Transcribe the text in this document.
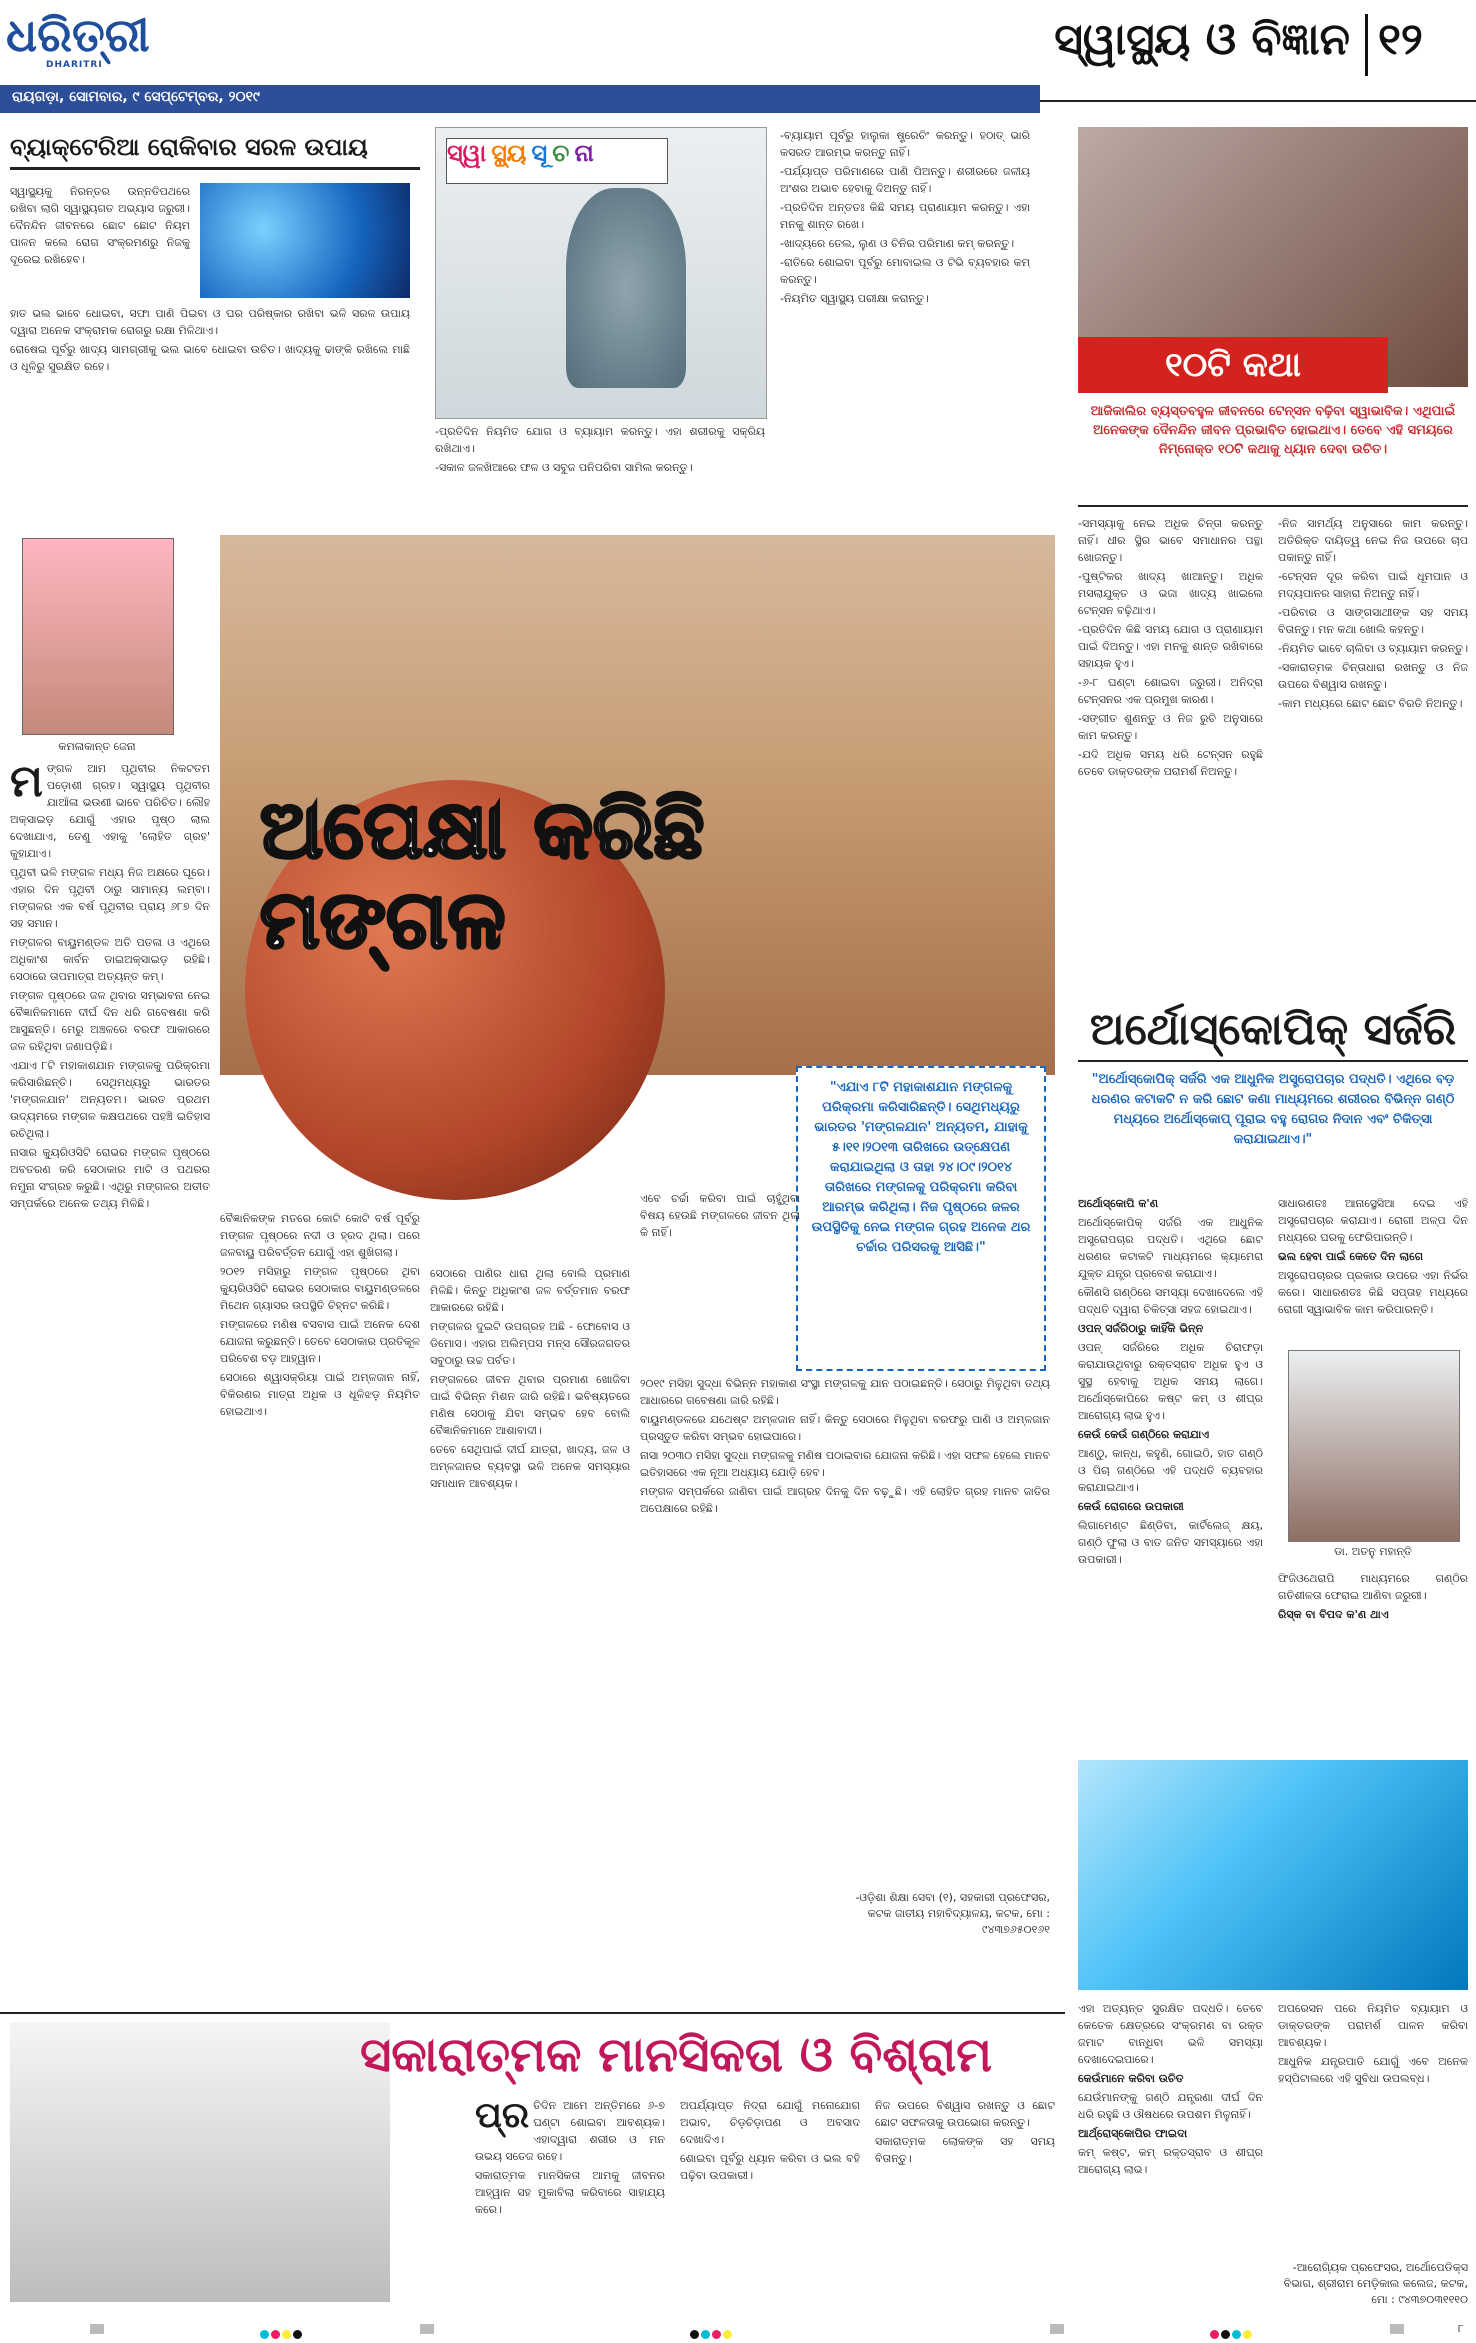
ଧରିତ୍ରୀ
DHARITRI
ରାୟଗଡ଼ା, ସୋମବାର, ୯ ସେପ୍ଟେମ୍ବର, ୨୦୧୯
ସ୍ୱାସ୍ଥ୍ୟ ଓ ବିଜ୍ଞାନ ୧୨
ବ୍ୟାକ୍ଟେରିଆ ରୋକିବାର ସରଳ ଉପାୟ

ସ୍ୱାସ୍ଥ୍ୟକୁ ନିରନ୍ତର ଉନ୍ନତିପଥରେ ରଖିବା ଲାଗି ସ୍ୱାସ୍ଥ୍ୟଗତ ଅଭ୍ୟାସ ଜରୁରୀ। ଦୈନନ୍ଦିନ ଜୀବନରେ ଛୋଟ ଛୋଟ ନିୟମ ପାଳନ କଲେ ରୋଗ ସଂକ୍ରମଣରୁ ନିଜକୁ ଦୂରେଇ ରଖିହେବ।

ହାତ ଭଲ ଭାବେ ଧୋଇବା, ସଫା ପାଣି ପିଇବା ଓ ଘର ପରିଷ୍କାର ରଖିବା ଭଳି ସରଳ ଉପାୟ ଦ୍ୱାରା ଅନେକ ସଂକ୍ରାମକ ରୋଗରୁ ରକ୍ଷା ମିଳିଥାଏ।

ରୋଷେଇ ପୂର୍ବରୁ ଖାଦ୍ୟ ସାମଗ୍ରୀକୁ ଭଲ ଭାବେ ଧୋଇବା ଉଚିତ। ଖାଦ୍ୟକୁ ଢାଙ୍କି ରଖିଲେ ମାଛି ଓ ଧୂଳିରୁ ସୁରକ୍ଷିତ ରହେ।

ସ୍ୱା ସ୍ଥ୍ୟ ସୂ ଚ ନା

-ପ୍ରତିଦିନ ନିୟମିତ ଯୋଗ ଓ ବ୍ୟାୟାମ କରନ୍ତୁ। ଏହା ଶରୀରକୁ ସକ୍ରିୟ ରଖିଥାଏ।

-ସକାଳ ଜଳଖିଆରେ ଫଳ ଓ ସବୁଜ ପନିପରିବା ସାମିଲ କରନ୍ତୁ।

-ବ୍ୟାୟାମ ପୂର୍ବରୁ ହାଲୁକା ଷ୍ଟ୍ରେଚିଂ କରନ୍ତୁ। ହଠାତ୍ ଭାରି କସରତ ଆରମ୍ଭ କରନ୍ତୁ ନାହିଁ।

-ପର୍ଯ୍ୟାପ୍ତ ପରିମାଣରେ ପାଣି ପିଅନ୍ତୁ। ଶରୀରରେ ଜଳୀୟ ଅଂଶର ଅଭାବ ହେବାକୁ ଦିଅନ୍ତୁ ନାହିଁ।

-ପ୍ରତିଦିନ ଅନ୍ତତଃ କିଛି ସମୟ ପ୍ରାଣାୟାମ କରନ୍ତୁ। ଏହା ମନକୁ ଶାନ୍ତ ରଖେ।

-ଖାଦ୍ୟରେ ତେଲ, ଲୁଣ ଓ ଚିନିର ପରିମାଣ କମ୍ କରନ୍ତୁ।

-ରାତିରେ ଶୋଇବା ପୂର୍ବରୁ ମୋବାଇଲ ଓ ଟିଭି ବ୍ୟବହାର କମ୍ କରନ୍ତୁ।

-ନିୟମିତ ସ୍ୱାସ୍ଥ୍ୟ ପରୀକ୍ଷା କରାନ୍ତୁ।

୧୦ଟି କଥା
ଆଜିକାଲିର ବ୍ୟସ୍ତବହୁଳ ଜୀବନରେ ଟେନ୍‌ସନ ବଢ଼ିବା ସ୍ୱାଭାବିକ। ଏଥିପାଇଁ ଅନେକଙ୍କ ଦୈନନ୍ଦିନ ଜୀବନ ପ୍ରଭାବିତ ହୋଇଥାଏ। ତେବେ ଏହି ସମୟରେ ନିମ୍ନୋକ୍ତ ୧୦ଟି କଥାକୁ ଧ୍ୟାନ ଦେବା ଉଚିତ।

-ସମସ୍ୟାକୁ ନେଇ ଅଧିକ ଚିନ୍ତା କରନ୍ତୁ ନାହିଁ। ଧୀର ସ୍ଥିର ଭାବେ ସମାଧାନର ପନ୍ଥା ଖୋଜନ୍ତୁ।

-ପୁଷ୍ଟିକର ଖାଦ୍ୟ ଖାଆନ୍ତୁ। ଅଧିକ ମସଲାଯୁକ୍ତ ଓ ଭଜା ଖାଦ୍ୟ ଖାଇଲେ ଟେନ୍‌ସନ ବଢ଼ିଥାଏ।

-ପ୍ରତିଦିନ କିଛି ସମୟ ଯୋଗ ଓ ପ୍ରାଣାୟାମ ପାଇଁ ଦିଅନ୍ତୁ। ଏହା ମନକୁ ଶାନ୍ତ ରଖିବାରେ ସହାୟକ ହୁଏ।

-୬-୮ ଘଣ୍ଟା ଶୋଇବା ଜରୁରୀ। ଅନିଦ୍ରା ଟେନ୍‌ସନର ଏକ ପ୍ରମୁଖ କାରଣ।

-ସଙ୍ଗୀତ ଶୁଣନ୍ତୁ ଓ ନିଜ ରୁଚି ଅନୁସାରେ କାମ କରନ୍ତୁ।

-ଯଦି ଅଧିକ ସମୟ ଧରି ଟେନ୍‌ସନ ରହୁଛି ତେବେ ଡାକ୍ତରଙ୍କ ପରାମର୍ଶ ନିଅନ୍ତୁ।

-ନିଜ ସାମର୍ଥ୍ୟ ଅନୁସାରେ କାମ କରନ୍ତୁ। ଅତିରିକ୍ତ ଦାୟିତ୍ୱ ନେଇ ନିଜ ଉପରେ ଚାପ ପକାନ୍ତୁ ନାହିଁ।

-ଟେନ୍‌ସନ ଦୂର କରିବା ପାଇଁ ଧୂମପାନ ଓ ମଦ୍ୟପାନର ସାହାରା ନିଅନ୍ତୁ ନାହିଁ।

-ପରିବାର ଓ ସାଙ୍ଗସାଥୀଙ୍କ ସହ ସମୟ ବିତାନ୍ତୁ। ମନ କଥା ଖୋଲି କହନ୍ତୁ।

-ନିୟମିତ ଭାବେ ଚାଲିବା ଓ ବ୍ୟାୟାମ କରନ୍ତୁ।

-ସକାରାତ୍ମକ ଚିନ୍ତାଧାରା ରଖନ୍ତୁ ଓ ନିଜ ଉପରେ ବିଶ୍ୱାସ ରଖନ୍ତୁ।

-କାମ ମଧ୍ୟରେ ଛୋଟ ଛୋଟ ବିରତି ନିଅନ୍ତୁ।

କମଳାକାନ୍ତ ଜେନା
ଅପେକ୍ଷା କରିଛି ମଙ୍ଗଳ
"ଏଯାଏ ୮ଟି ମହାକାଶଯାନ ମଙ୍ଗଳକୁ ପରିକ୍ରମା କରିସାରିଛନ୍ତି। ସେଥିମଧ୍ୟରୁ ଭାରତର 'ମଙ୍ଗଳଯାନ' ଅନ୍ୟତମ, ଯାହାକୁ ୫।୧୧।୨୦୧୩ ତାରିଖରେ ଉତ୍କ୍ଷେପଣ କରାଯାଇଥିଲା ଓ ତାହା ୨୪।୦୯।୨୦୧୪ ତାରିଖରେ ମଙ୍ଗଳକୁ ପରିକ୍ରମା କରିବା ଆରମ୍ଭ କରିଥିଲା। ନିଜ ପୃଷ୍ଠରେ ଜଳର ଉପସ୍ଥିତିକୁ ନେଇ ମଙ୍ଗଳ ଗ୍ରହ ଅନେକ ଥର ଚର୍ଚ୍ଚାର ପରିସରକୁ ଆସିଛି।"

ମଙ୍ଗଳ ଆମ ପୃଥିବୀର ନିକଟତମ ପଡ଼ୋଶୀ ଗ୍ରହ। ସ୍ୱାସ୍ଥ୍ୟ ପୃଥିବୀର ଯାଆଁଳା ଭଉଣୀ ଭାବେ ପରିଚିତ। ଲୌହ ଅକ୍ସାଇଡ଼ ଯୋଗୁଁ ଏହାର ପୃଷ୍ଠ ଲାଲ ଦେଖାଯାଏ, ତେଣୁ ଏହାକୁ 'ଲୋହିତ ଗ୍ରହ' କୁହାଯାଏ।

ପୃଥିବୀ ଭଳି ମଙ୍ଗଳ ମଧ୍ୟ ନିଜ ଅକ୍ଷରେ ଘୂରେ। ଏହାର ଦିନ ପୃଥିବୀ ଠାରୁ ସାମାନ୍ୟ ଲମ୍ବା। ମଙ୍ଗଳର ଏକ ବର୍ଷ ପୃଥିବୀର ପ୍ରାୟ ୬୮୭ ଦିନ ସହ ସମାନ।

ମଙ୍ଗଳର ବାୟୁମଣ୍ଡଳ ଅତି ପତଳା ଓ ଏଥିରେ ଅଧିକାଂଶ କାର୍ବନ ଡାଇଅକ୍ସାଇଡ଼ ରହିଛି। ସେଠାରେ ତାପମାତ୍ରା ଅତ୍ୟନ୍ତ କମ୍।

ମଙ୍ଗଳ ପୃଷ୍ଠରେ ଜଳ ଥିବାର ସମ୍ଭାବନା ନେଇ ବୈଜ୍ଞାନିକମାନେ ଦୀର୍ଘ ଦିନ ଧରି ଗବେଷଣା କରି ଆସୁଛନ୍ତି। ମେରୁ ଅଞ୍ଚଳରେ ବରଫ ଆକାରରେ ଜଳ ରହିଥିବା ଜଣାପଡ଼ିଛି।

ଏଯାଏ ୮ଟି ମହାକାଶଯାନ ମଙ୍ଗଳକୁ ପରିକ୍ରମା କରିସାରିଛନ୍ତି। ସେଥିମଧ୍ୟରୁ ଭାରତର 'ମଙ୍ଗଳଯାନ' ଅନ୍ୟତମ। ଭାରତ ପ୍ରଥମ ଉଦ୍ୟମରେ ମଙ୍ଗଳ କକ୍ଷପଥରେ ପହଞ୍ଚି ଇତିହାସ ରଚିଥିଲା।

ନାସାର କ୍ୟୁରିଓସିଟି ରୋଭର ମଙ୍ଗଳ ପୃଷ୍ଠରେ ଅବତରଣ କରି ସେଠାକାର ମାଟି ଓ ପଥରର ନମୁନା ସଂଗ୍ରହ କରୁଛି। ଏଥିରୁ ମଙ୍ଗଳର ଅତୀତ ସମ୍ପର୍କରେ ଅନେକ ତଥ୍ୟ ମିଳିଛି।

ବୈଜ୍ଞାନିକଙ୍କ ମତରେ କୋଟି କୋଟି ବର୍ଷ ପୂର୍ବରୁ ମଙ୍ଗଳ ପୃଷ୍ଠରେ ନଦୀ ଓ ହ୍ରଦ ଥିଲା। ପରେ ଜଳବାୟୁ ପରିବର୍ତ୍ତନ ଯୋଗୁଁ ଏହା ଶୁଖିଗଲା।

୨୦୧୨ ମସିହାରୁ ମଙ୍ଗଳ ପୃଷ୍ଠରେ ଥିବା କ୍ୟୁରିଓସିଟି ରୋଭର ସେଠାକାର ବାୟୁମଣ୍ଡଳରେ ମିଥେନ ଗ୍ୟାସର ଉପସ୍ଥିତି ଚିହ୍ନଟ କରିଛି।

ମଙ୍ଗଳରେ ମଣିଷ ବସବାସ ପାଇଁ ଅନେକ ଦେଶ ଯୋଜନା କରୁଛନ୍ତି। ତେବେ ସେଠାକାର ପ୍ରତିକୂଳ ପରିବେଶ ବଡ଼ ଆହ୍ୱାନ।

ସେଠାରେ ଶ୍ୱାସକ୍ରିୟା ପାଇଁ ଅମ୍ଳଜାନ ନାହିଁ, ବିକିରଣର ମାତ୍ରା ଅଧିକ ଓ ଧୂଳିଝଡ଼ ନିୟମିତ ହୋଇଥାଏ।

ସେଠାରେ ପାଣିର ଧାରା ଥିଲା ବୋଲି ପ୍ରମାଣ ମିଳିଛି। କିନ୍ତୁ ଅଧିକାଂଶ ଜଳ ବର୍ତ୍ତମାନ ବରଫ ଆକାରରେ ରହିଛି।

ମଙ୍ଗଳର ଦୁଇଟି ଉପଗ୍ରହ ଅଛି - ଫୋବୋସ ଓ ଡିମୋସ। ଏହାର ଅଲିମ୍ପସ ମନ୍ସ ସୌରଜଗତର ସବୁଠାରୁ ଉଚ୍ଚ ପର୍ବତ।

ମଙ୍ଗଳରେ ଜୀବନ ଥିବାର ପ୍ରମାଣ ଖୋଜିବା ପାଇଁ ବିଭିନ୍ନ ମିଶନ ଜାରି ରହିଛି। ଭବିଷ୍ୟତରେ ମଣିଷ ସେଠାକୁ ଯିବା ସମ୍ଭବ ହେବ ବୋଲି ବୈଜ୍ଞାନିକମାନେ ଆଶାବାଦୀ।

ତେବେ ସେଥିପାଇଁ ଦୀର୍ଘ ଯାତ୍ରା, ଖାଦ୍ୟ, ଜଳ ଓ ଅମ୍ଳଜାନର ବ୍ୟବସ୍ଥା ଭଳି ଅନେକ ସମସ୍ୟାର ସମାଧାନ ଆବଶ୍ୟକ।

ଏବେ ଚର୍ଚ୍ଚା କରିବା ପାଇଁ ଚାହୁଁଥିବା ବିଷୟ ହେଉଛି ମଙ୍ଗଳରେ ଜୀବନ ଥିଲା କି ନାହିଁ।

୨୦୧୯ ମସିହା ସୁଦ୍ଧା ବିଭିନ୍ନ ମହାକାଶ ସଂସ୍ଥା ମଙ୍ଗଳକୁ ଯାନ ପଠାଇଛନ୍ତି। ସେଠାରୁ ମିଳୁଥିବା ତଥ୍ୟ ଆଧାରରେ ଗବେଷଣା ଜାରି ରହିଛି।

ବାୟୁମଣ୍ଡଳରେ ଯଥେଷ୍ଟ ଅମ୍ଳଜାନ ନାହିଁ। କିନ୍ତୁ ସେଠାରେ ମିଳୁଥିବା ବରଫରୁ ପାଣି ଓ ଅମ୍ଳଜାନ ପ୍ରସ୍ତୁତ କରିବା ସମ୍ଭବ ହୋଇପାରେ।

ନାସା ୨୦୩୦ ମସିହା ସୁଦ୍ଧା ମଙ୍ଗଳକୁ ମଣିଷ ପଠାଇବାର ଯୋଜନା କରିଛି। ଏହା ସଫଳ ହେଲେ ମାନବ ଇତିହାସରେ ଏକ ନୂଆ ଅଧ୍ୟାୟ ଯୋଡ଼ି ହେବ।

ମଙ୍ଗଳ ସମ୍ପର୍କରେ ଜାଣିବା ପାଇଁ ଆଗ୍ରହ ଦିନକୁ ଦିନ ବଢ଼ୁଛି। ଏହି ଲୋହିତ ଗ୍ରହ ମାନବ ଜାତିର ଅପେକ୍ଷାରେ ରହିଛି।

-ଓଡ଼ିଶା ଶିକ୍ଷା ସେବା (୧), ସହକାରୀ ପ୍ରଫେସର, କଟକ ଜାତୀୟ ମହାବିଦ୍ୟାଳୟ, କଟକ, ମୋ : ୯୪୩୭୬୫୦୧୬୧
ଅର୍ଥୋସ୍କୋପିକ୍ ସର୍ଜରି
"ଅର୍ଥୋସ୍କୋପିକ୍ ସର୍ଜରି ଏକ ଆଧୁନିକ ଅସ୍ତ୍ରୋପଚାର ପଦ୍ଧତି। ଏଥିରେ ବଡ଼ ଧରଣର କଟାକଟି ନ କରି ଛୋଟ କଣା ମାଧ୍ୟମରେ ଶରୀରର ବିଭିନ୍ନ ଗଣ୍ଠି ମଧ୍ୟରେ ଅର୍ଥୋସ୍କୋପ୍ ପୂରାଇ ବହୁ ରୋଗର ନିଦାନ ଏବଂ ଚିକିତ୍ସା କରାଯାଇଥାଏ।"

ଅର୍ଥୋସ୍କୋପି କ'ଣ

ଅର୍ଥୋସ୍କୋପିକ୍ ସର୍ଜରି ଏକ ଆଧୁନିକ ଅସ୍ତ୍ରୋପଚାର ପଦ୍ଧତି। ଏଥିରେ ଛୋଟ ଧରଣର କଟାକଟି ମାଧ୍ୟମରେ କ୍ୟାମେରା ଯୁକ୍ତ ଯନ୍ତ୍ର ପ୍ରବେଶ କରାଯାଏ।

କୌଣସି ଗଣ୍ଠିରେ ସମସ୍ୟା ଦେଖାଦେଲେ ଏହି ପଦ୍ଧତି ଦ୍ୱାରା ଚିକିତ୍ସା ସହଜ ହୋଇଥାଏ।

ଓପନ୍ ସର୍ଜରିଠାରୁ କାହିଁକି ଭିନ୍ନ

ଓପନ୍ ସର୍ଜରିରେ ଅଧିକ ଚିରାଫଡ଼ା କରାଯାଉଥିବାରୁ ରକ୍ତସ୍ରାବ ଅଧିକ ହୁଏ ଓ ସୁସ୍ଥ ହେବାକୁ ଅଧିକ ସମୟ ଲାଗେ। ଅର୍ଥୋସ୍କୋପିରେ କଷ୍ଟ କମ୍ ଓ ଶୀଘ୍ର ଆରୋଗ୍ୟ ଲାଭ ହୁଏ।

କେଉଁ କେଉଁ ଗଣ୍ଠିରେ କରାଯାଏ

ଆଣ୍ଠୁ, କାନ୍ଧ, କହୁଣି, ଗୋଇଠି, ହାତ ଗଣ୍ଠି ଓ ପିଚା ଗଣ୍ଠିରେ ଏହି ପଦ୍ଧତି ବ୍ୟବହାର କରାଯାଇଥାଏ।

କେଉଁ ରୋଗରେ ଉପକାରୀ

ଲିଗାମେଣ୍ଟ ଛିଣ୍ଡିବା, କାର୍ଟିଲେଜ୍ କ୍ଷୟ, ଗଣ୍ଠି ଫୁଲା ଓ ବାତ ଜନିତ ସମସ୍ୟାରେ ଏହା ଉପକାରୀ।

ସାଧାରଣତଃ ଆନାସ୍ଥେସିଆ ଦେଇ ଏହି ଅସ୍ତ୍ରୋପଚାର କରାଯାଏ। ରୋଗୀ ଅଳ୍ପ ଦିନ ମଧ୍ୟରେ ଘରକୁ ଫେରିପାରନ୍ତି।

ଭଲ ହେବା ପାଇଁ କେତେ ଦିନ ଲାଗେ

ଅସ୍ତ୍ରୋପଚାରର ପ୍ରକାର ଉପରେ ଏହା ନିର୍ଭର କରେ। ସାଧାରଣତଃ କିଛି ସପ୍ତାହ ମଧ୍ୟରେ ରୋଗୀ ସ୍ୱାଭାବିକ କାମ କରିପାରନ୍ତି।

ଡା. ଅତନୁ ମହାନ୍ତି

ଫିଜିଓଥେରାପି ମାଧ୍ୟମରେ ଗଣ୍ଠିର ଗତିଶୀଳତା ଫେରାଇ ଆଣିବା ଜରୁରୀ।

ରିସ୍କ ବା ବିପଦ କ'ଣ ଥାଏ

ଏହା ଅତ୍ୟନ୍ତ ସୁରକ୍ଷିତ ପଦ୍ଧତି। ତେବେ କେତେକ କ୍ଷେତ୍ରରେ ସଂକ୍ରମଣ ବା ରକ୍ତ ଜମାଟ ବାନ୍ଧିବା ଭଳି ସମସ୍ୟା ଦେଖାଦେଇପାରେ।

କେଉଁମାନେ କରିବା ଉଚିତ

ଯେଉଁମାନଙ୍କୁ ଗଣ୍ଠି ଯନ୍ତ୍ରଣା ଦୀର୍ଘ ଦିନ ଧରି ରହୁଛି ଓ ଔଷଧରେ ଉପଶମ ମିଳୁନାହିଁ।

ଆର୍ଥ୍ରୋସ୍କୋପିର ଫାଇଦା

କମ୍ କଷ୍ଟ, କମ୍ ରକ୍ତସ୍ରାବ ଓ ଶୀଘ୍ର ଆରୋଗ୍ୟ ଲାଭ।

ଅପରେସନ ପରେ ନିୟମିତ ବ୍ୟାୟାମ ଓ ଡାକ୍ତରଙ୍କ ପରାମର୍ଶ ପାଳନ କରିବା ଆବଶ୍ୟକ।

ଆଧୁନିକ ଯନ୍ତ୍ରପାତି ଯୋଗୁଁ ଏବେ ଅନେକ ହସ୍ପିଟାଲରେ ଏହି ସୁବିଧା ଉପଲବ୍ଧ।

-ଆରୋଗ୍ୟିକ ପ୍ରଫେସର, ଅର୍ଥୋପେଡିକ୍ସ ବିଭାଗ, ଶ୍ରୀରାମ ମେଡ଼ିକାଲ କଲେଜ, କଟକ, ମୋ : ୯୪୩୭୦୩୧୧୧୦
ସକାରାତ୍ମକ ମାନସିକତା ଓ ବିଶ୍ରାମ

ପ୍ର ତିଦିନ ଆମେ ଅନ୍ତିମରେ ୬-୭ ଘଣ୍ଟା ଶୋଇବା ଆବଶ୍ୟକ। ଏହାଦ୍ୱାରା ଶରୀର ଓ ମନ ଉଭୟ ସତେଜ ରହେ।

ସକାରାତ୍ମକ ମାନସିକତା ଆମକୁ ଜୀବନର ଆହ୍ୱାନ ସହ ମୁକାବିଲା କରିବାରେ ସାହାଯ୍ୟ କରେ।

ଅପର୍ଯ୍ୟାପ୍ତ ନିଦ୍ରା ଯୋଗୁଁ ମନୋଯୋଗ ଅଭାବ, ଚିଡ଼ଚିଡ଼ାପଣ ଓ ଅବସାଦ ଦେଖାଦିଏ।

ଶୋଇବା ପୂର୍ବରୁ ଧ୍ୟାନ କରିବା ଓ ଭଲ ବହି ପଢ଼ିବା ଉପକାରୀ।

ନିଜ ଉପରେ ବିଶ୍ୱାସ ରଖନ୍ତୁ ଓ ଛୋଟ ଛୋଟ ସଫଳତାକୁ ଉପଭୋଗ କରନ୍ତୁ।

ସକାରାତ୍ମକ ଲୋକଙ୍କ ସହ ସମୟ ବିତାନ୍ତୁ।

୮
